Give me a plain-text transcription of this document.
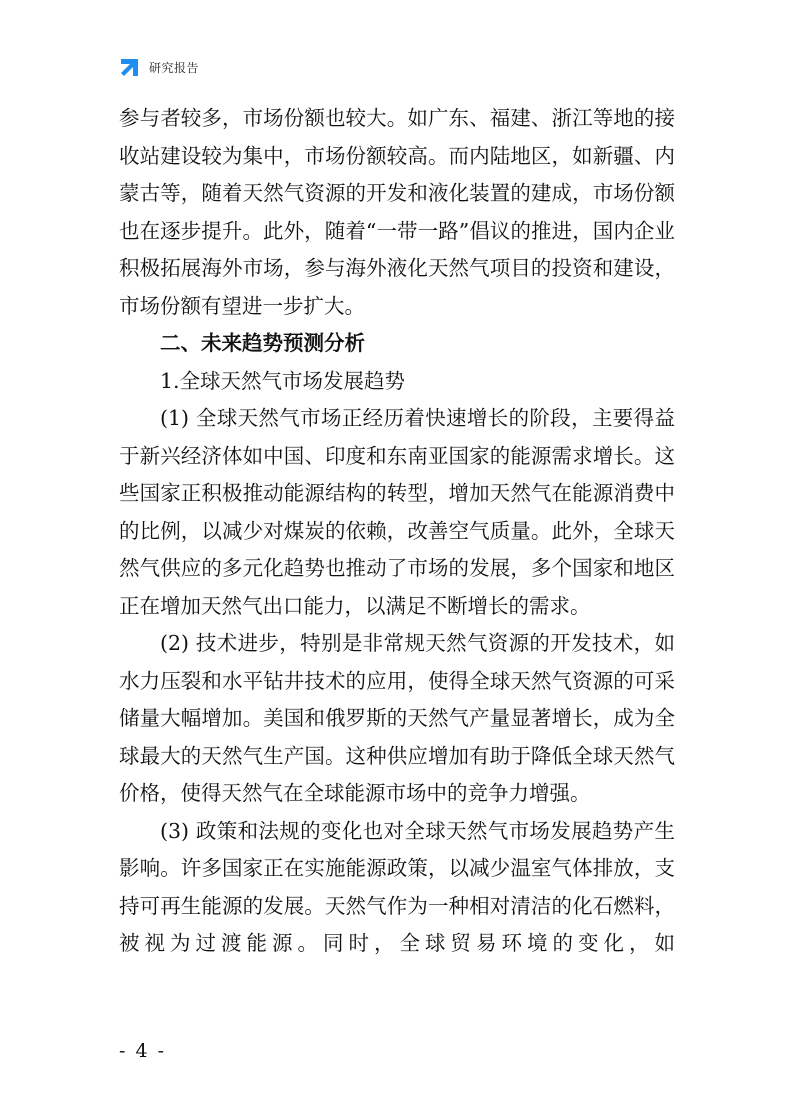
研究报告

参与者较多，市场份额也较大。如广东、福建、浙江等地的接收站建设较为集中，市场份额较高。而内陆地区，如新疆、内蒙古等，随着天然气资源的开发和液化装置的建成，市场份额也在逐步提升。此外，随着“一带一路”倡议的推进，国内企业积极拓展海外市场，参与海外液化天然气项目的投资和建设，市场份额有望进一步扩大。

二、未来趋势预测分析
1.全球天然气市场发展趋势

(1) 全球天然气市场正经历着快速增长的阶段，主要得益于新兴经济体如中国、印度和东南亚国家的能源需求增长。这些国家正积极推动能源结构的转型，增加天然气在能源消费中的比例，以减少对煤炭的依赖，改善空气质量。此外，全球天然气供应的多元化趋势也推动了市场的发展，多个国家和地区正在增加天然气出口能力，以满足不断增长的需求。

(2) 技术进步，特别是非常规天然气资源的开发技术，如水力压裂和水平钻井技术的应用，使得全球天然气资源的可采储量大幅增加。美国和俄罗斯的天然气产量显著增长，成为全球最大的天然气生产国。这种供应增加有助于降低全球天然气价格，使得天然气在全球能源市场中的竞争力增强。

(3) 政策和法规的变化也对全球天然气市场发展趋势产生影响。许多国家正在实施能源政策，以减少温室气体排放，支持可再生能源的发展。天然气作为一种相对清洁的化石燃料，被视为过渡能源。同时，全球贸易环境的变化，如

- 4 -
